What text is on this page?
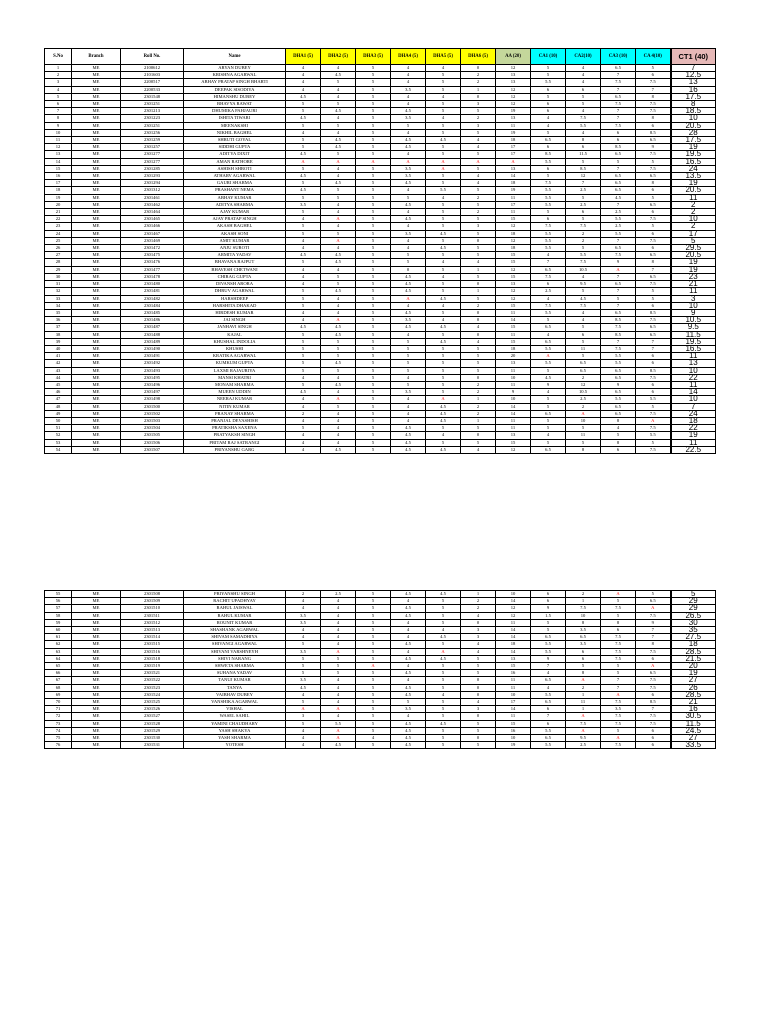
S.No	Branch	Roll No.	Name	DHA1 (5)	DHA2 (5)	DHA3 (5)	DHA4 (5)	DHA5 (5)	DHA6 (5)	AA (20)	CA1 (10)	CA2(10)	CA3 (10)	CA 4(10)	CT1 (40)
1	ME	2100612	ARYAN DUBEY	4	4	5	4	4	0	12	5	4	6.5	5	7
2	ME	2101603	KRISHNA AGARWAL	4	4.5	5	4	5	2	13	5	4	7	6	12.5
3	ME	2200517	ABHAY PRATAP SINGH BHARTI	4	5	5	4	5	2	13	5.5	4	7.5	7.5	13
4	ME	2200533	DEEPAK SISODIYA	4	4	5	3.5	5	1	12	6	6	7	7	16
5	ME	2301548	HIMANSHU DUBEY	4.5	4	5	4	4	0	12	5	5	6.5	8	17.5
6	ME	2301251	BHAVYA RAWAT	5	5	5	4	5	3	12	6	5	7.5	7.5	8
7	ME	2301213	DHUMIKA PAHJAURI	5	4.5	5	4.5	5	5	19	6	4	7	7.5	18.5
8	ME	2301223	ISHITA TIWARI	4.5	4	5	3.5	4	2	13	4	7.5	7	8	10
9	ME	2301251	MEENAKSHI	5	5	5	5	5	3	11	4	5.5	7.5	6	20.5
10	ME	2301256	NIKHIL BAGHEL	4	4	5	4	5	5	19	5	4	6	8.5	28
11	ME	2301259	SHRUTI GOYAL	5	4.5	5	4.5	4.5	4	18	6.5	8	6	6.5	17.5
12	ME	2301257	SIDDHI GUPTA	5	4.5	5	4.5	5	4	17	6	6	8.5	9	19
13	ME	2301277	ADITYA DIXIT	4.5	5	5	4	5	5	17	8.5	11.5	6.5	7.5	19.5
14	ME	2301277	AMAN RATHORE	A	A	A	A	A	A	A	5.5	5	5	5	16.5
15	ME	2301285	ASHISH SHROTI	5	4	5	3.5	A	5	13	6	8.5	7	7.5	24
16	ME	2301293	ATHARV AGARWAL	4.5	4	5	3.5	5	4	14	5	12	6.5	6.5	13.5
17	ME	2301294	GAURI SHARMA	5	4.5	5	4.5	5	4	18	7.5	7	6.5	8	19
18	ME	2301312	PRASHANT NEMA	4.5	5	5	4	5.5	5	19	5.5	2.5	6.5	6	20.5
19	ME	2301461	ABHAY KUMAR	5	5	5	5	4	2	11	5.5	5	4.5	5	11
20	ME	2301462	ADITYA SHARMA	3.5	4	5	4.5	5	5	17	5.5	2.5	7	6.5	2
21	ME	2301464	AJAY KUMAR	5	4	5	4	5	2	11	5	6	2.5	6	2
22	ME	2301465	AJAY PRATAP SINGH	4	A	5	4.5	5	5	15	6	5	5.5	7.5	10
23	ME	2301466	AKASH BAGHEL	5	4	5	4	5	3	12	7.5	7.5	2.5	5	2
24	ME	2301467	AKASH SONI	5	5	5	3.5	4.5	5	18	5.5	2	5.5	6	17
25	ME	2301469	AMIT KUMAR	4	A	5	4	5	0	12	5.5	2	7	7.5	5
26	ME	2301472	ANJU SUROTI	4	4	5	4	4.5	5	18	5.5	5	6.5	6	29.5
27	ME	2301475	ARMITA YADAV	4.5	4.5	5	5	5	5	15	4	5.5	7.5	6.5	20.5
28	ME	2301476	BHAVANA RAJPUT	5	4.5	5	5	4	4	15	7	7.5	9	8	19
29	ME	2301477	BHAVESH CHETWANI	4	4	5	0	5	1	12	6.5	10.5	A	7	19
30	ME	2301478	CHIRAG GUPTA	4	5	5	4.5	4	5	15	7.5	4	7	6.5	23
31	ME	2301480	DIVANSH ARORA	4	5	5	4.5	5	0	13	6	9.5	6.5	7.5	21
32	ME	2301481	DHRUV AGARWAL	5	4.5	5	4.5	5	1	12	2.5	5	7	5	11
33	ME	2301482	HARSHDEEP	5	4	5	A	4.5	5	12	4	4.5	5	5	3
34	ME	2301484	HARSHITA DHAKAD	5	4	5	4	4	2	15	7.5	7.5	7	6	10
35	ME	2301485	HIRDESH KUMAR	4	4	5	4.5	5	0	11	5.5	4	6.5	8.5	9
36	ME	2301486	JAI SINGH	4	A	5	3.5	4	0	14	5	4	8.5	7.5	10.5
37	ME	2301487	JANHAVI SINGH	4.5	4.5	5	4.5	4.5	4	15	6.5	5	7.5	6.5	9.5
38	ME	2301488	KAJAL	5	4.5	5	4	5	0	11	4	6	8.5	6.5	11.5
39	ME	2301489	KHUSHAL INDOLIA	5	5	5	5	4.5	4	15	6.5	5	7	7	19.5
40	ME	2301490	KHUSHI	5	5	5	5	5	5	18	5.5	11	7.5	7	16.5
41	ME	2301491	KRATIKA AGARWAL	5	5	5	5	5	5	20	A	5	5.5	6	11
42	ME	2301492	KUMKUM GUPTA	5	4.5	5	5	5	5	13	5.5	6.5	5.5	6	13
43	ME	2301493	LAXMI RAJAURIYA	5	5	5	5	5	5	11	5	6.5	6.5	8.5	10
44	ME	2301495	MANSI KHATRI	4	4	5	4	5	0	10	4.5	2	6.5	7.5	22
45	ME	2301496	MONAM SHARMA	5	4.5	5	5	5	2	11	9	12	9	6	11
46	ME	2301497	MUEEN UDDIN	4.5	4	5	3.5	5	2	9	4	10.5	6.5	6	14
47	ME	2301498	NEERAJ KUMAR	4	A	5	4	A	1	10	5	2.5	5.5	5.5	10
48	ME	2301500	NITIN KUMAR	4	5	5	4	4.5	2	14	5	2	6.5	5	7
49	ME	2301502	PRANAY SHARMA	2	4	5	4	4.5	2	14	6.5	A	6.5	7.5	24
50	ME	2301503	PRANJAL DEVASHISH	4	4	5	4	4.5	1	11	5	10	8	A	18
51	ME	2301504	PRATIKSHA SAXENA	5	4	5	4.5	5	5	11	5	5	4	7.5	22
52	ME	2301505	PRATYAKSH SINGH	4	4	5	4.5	4	0	13	4	11	5	5.5	19
53	ME	2301506	PRITAM RAJ SATRANGI	4	4	5	4.5	5	5	15	5	5	8	5	11
54	ME	2301507	PRIYANSHU GARG	4	4.5	5	4.5	4.5	4	12	6.5	8	6	7.5	22.5
55	ME	2301508	PRIYANSHU SINGH	2	2.5	5	4.5	4.5	1	10	6	2	A	5	5
56	ME	2301509	RACHIT UPADHYAY	4	4	5	4	5	2	14	6	1	5	6.5	29
57	ME	2301510	RAHUL JAISWAL	4	4	5	4.5	5	2	12	9	7.5	7.5	A	29
58	ME	2301511	RAHUL KUMAR	3.5	4	5	4.5	5	4	12	1.5	10	5	7.5	26.5
59	ME	2301512	ROUNIT KUMAR	3.5	4	5	4	5	0	11	5	8	8	9	30
60	ME	2301513	SHASHANK AGARWAL	4	4	5	4	4	3	14	5	3.5	6	7	35
61	ME	2301514	SHIVAM SAMADHIYA	4	4	5	4	4.5	3	14	6.5	6.5	7.5	7	27.5
62	ME	2301515	SHIVANGI AGARWAL	5	4	5	4.5	5	4	18	5.5	3.5	7.5	8	18
63	ME	2301516	SHIVANI VARSHNEYH	3.5	A	5	4	A	4	14	5.5	6	7.5	7.5	28.5
64	ME	2301518	SHIVI NARANG	5	5	5	4.5	4.5	5	13	9	6	7.5	6	21.5
65	ME	2301519	SHWETA SHARMA	5	5	A	4	5	5	15	7	5	5	A	20
66	ME	2301521	SUHANA YADAV	5	5	5	4.5	5	5	16	4	8	5	6.5	19
67	ME	2301522	TANUJ KUMAR	3.5	4	5	4	5	0	11	6.5	A	7	7.5	27
68	ME	2301523	TANYA	4.5	4	5	4.5	5	0	11	4	2	7	7.5	26
69	ME	2301524	VAIBHAV DUBEY	4	4	5	4.5	4	0	10	5.5	1	A	6	28.5
70	ME	2301525	VANSHIKA AGARWAL	5	4	5	5	5	4	17	6.5	11	7.5	8.5	21
71	ME	2301526	VISHAL	A	A	5	3.5	5	3	14	6	1	3.5	7	16
72	ME	2301527	WASEL SAHIL	3	4	5	4	5	0	11	7	A	7.5	7.5	30.5
73	ME	2301528	YAMINI CHAUDHARY	5	5.5	5	4.5	4.5	5	15	6	7.5	7.5	7.5	11.5
74	ME	2301529	YASH SHAKYA	4	A	5	4.5	5	5	16	5.5	A	5	6	24.5
75	ME	2301530	YASH SHARMA	4	A	4	4.5	5	0	10	6.5	9.5	A	6	27
76	ME	2301531	YOTESH	4	4.5	5	4.5	5	5	19	5.5	2.5	7.5	6	33.5
